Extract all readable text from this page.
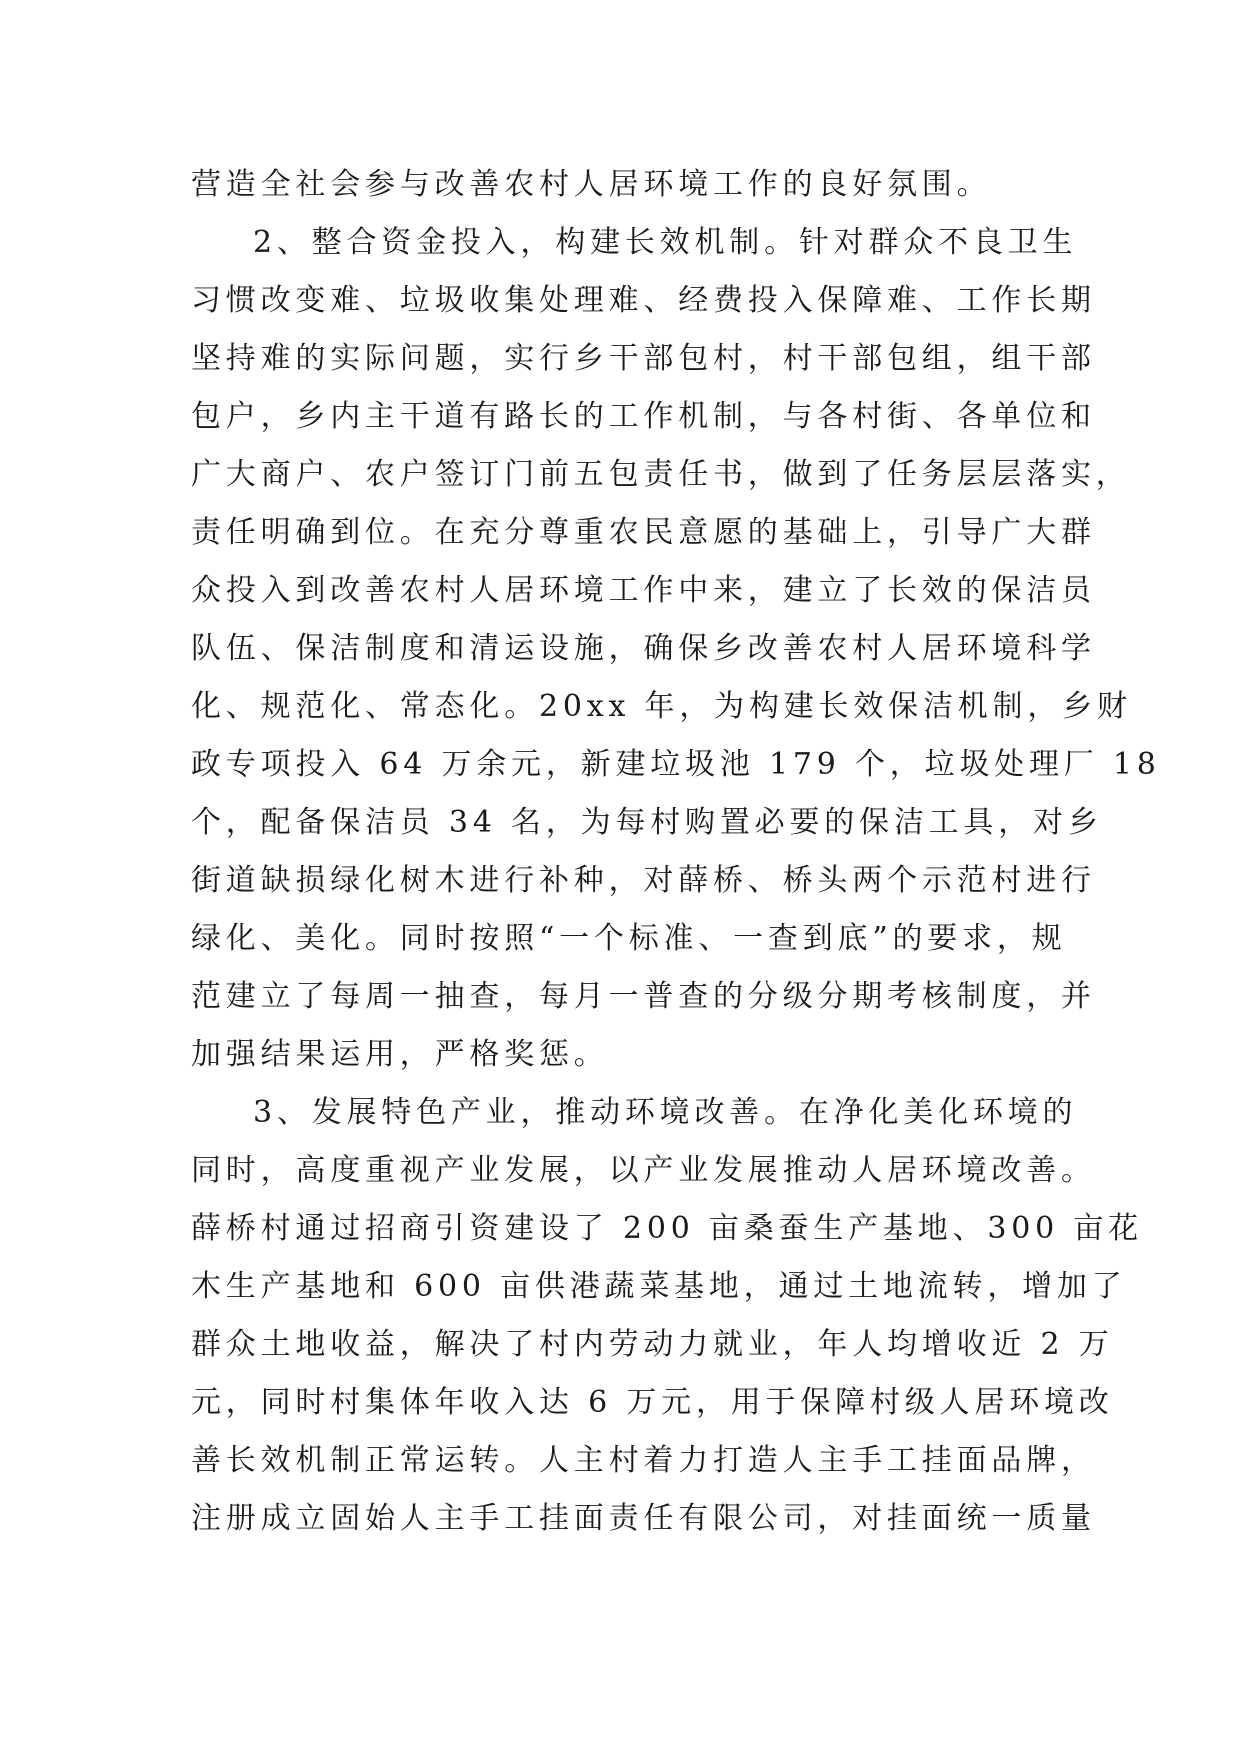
营造全社会参与改善农村人居环境工作的良好氛围。
2、整合资金投入，构建长效机制。针对群众不良卫生
习惯改变难、垃圾收集处理难、经费投入保障难、工作长期
坚持难的实际问题，实行乡干部包村，村干部包组，组干部
包户，乡内主干道有路长的工作机制，与各村街、各单位和
广大商户、农户签订门前五包责任书，做到了任务层层落实，
责任明确到位。在充分尊重农民意愿的基础上，引导广大群
众投入到改善农村人居环境工作中来，建立了长效的保洁员
队伍、保洁制度和清运设施，确保乡改善农村人居环境科学
化、规范化、常态化。20xx 年，为构建长效保洁机制，乡财
政专项投入 64 万余元，新建垃圾池 179 个，垃圾处理厂 18
个，配备保洁员 34 名，为每村购置必要的保洁工具，对乡
街道缺损绿化树木进行补种，对薛桥、桥头两个示范村进行
绿化、美化。同时按照“一个标准、一查到底”的要求，规
范建立了每周一抽查，每月一普查的分级分期考核制度，并
加强结果运用，严格奖惩。
3、发展特色产业，推动环境改善。在净化美化环境的
同时，高度重视产业发展，以产业发展推动人居环境改善。
薛桥村通过招商引资建设了 200 亩桑蚕生产基地、300 亩花
木生产基地和 600 亩供港蔬菜基地，通过土地流转，增加了
群众土地收益，解决了村内劳动力就业，年人均增收近 2 万
元，同时村集体年收入达 6 万元，用于保障村级人居环境改
善长效机制正常运转。人主村着力打造人主手工挂面品牌，
注册成立固始人主手工挂面责任有限公司，对挂面统一质量
